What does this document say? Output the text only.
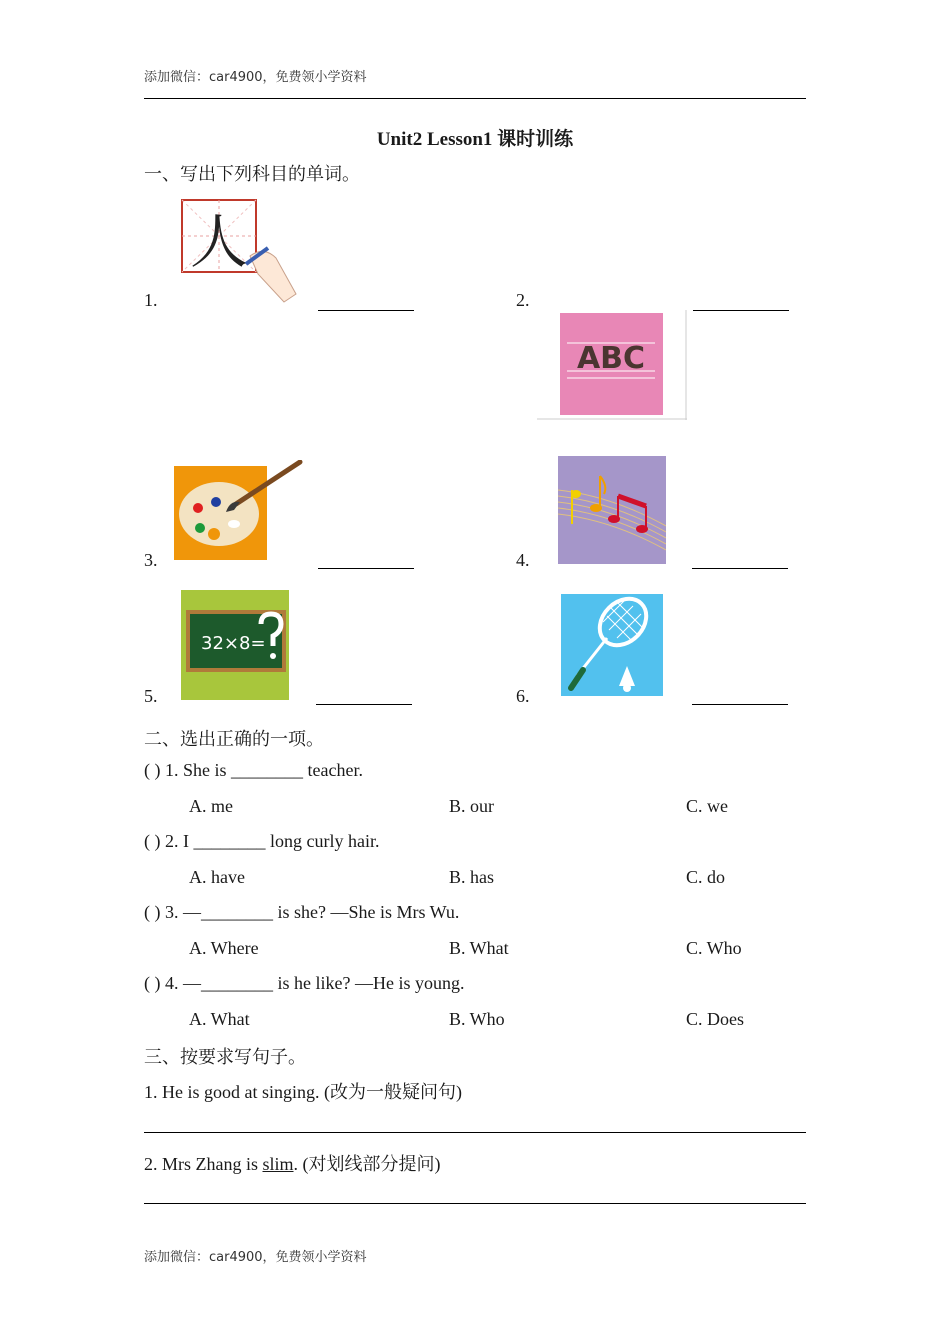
添加微信：car4900，免费领小学资料
Unit2 Lesson1 课时训练
一、写出下列科目的单词。
人
1.	2.
ABC
3.	4.
32×8=
5.	6.
二、选出正确的一项。
( ) 1. She is ________ teacher.
A. me	B. our	C. we
( ) 2. I ________ long curly hair.
A. have	B. has	C. do
( ) 3. —________ is she? —She is Mrs Wu.
A. Where	B. What	C. Who
( ) 4. —________ is he like? —He is young.
A. What	B. Who	C. Does
三、按要求写句子。
1. He is good at singing. (改为一般疑问句)
2. Mrs Zhang is slim. (对划线部分提问)
添加微信：car4900，免费领小学资料
